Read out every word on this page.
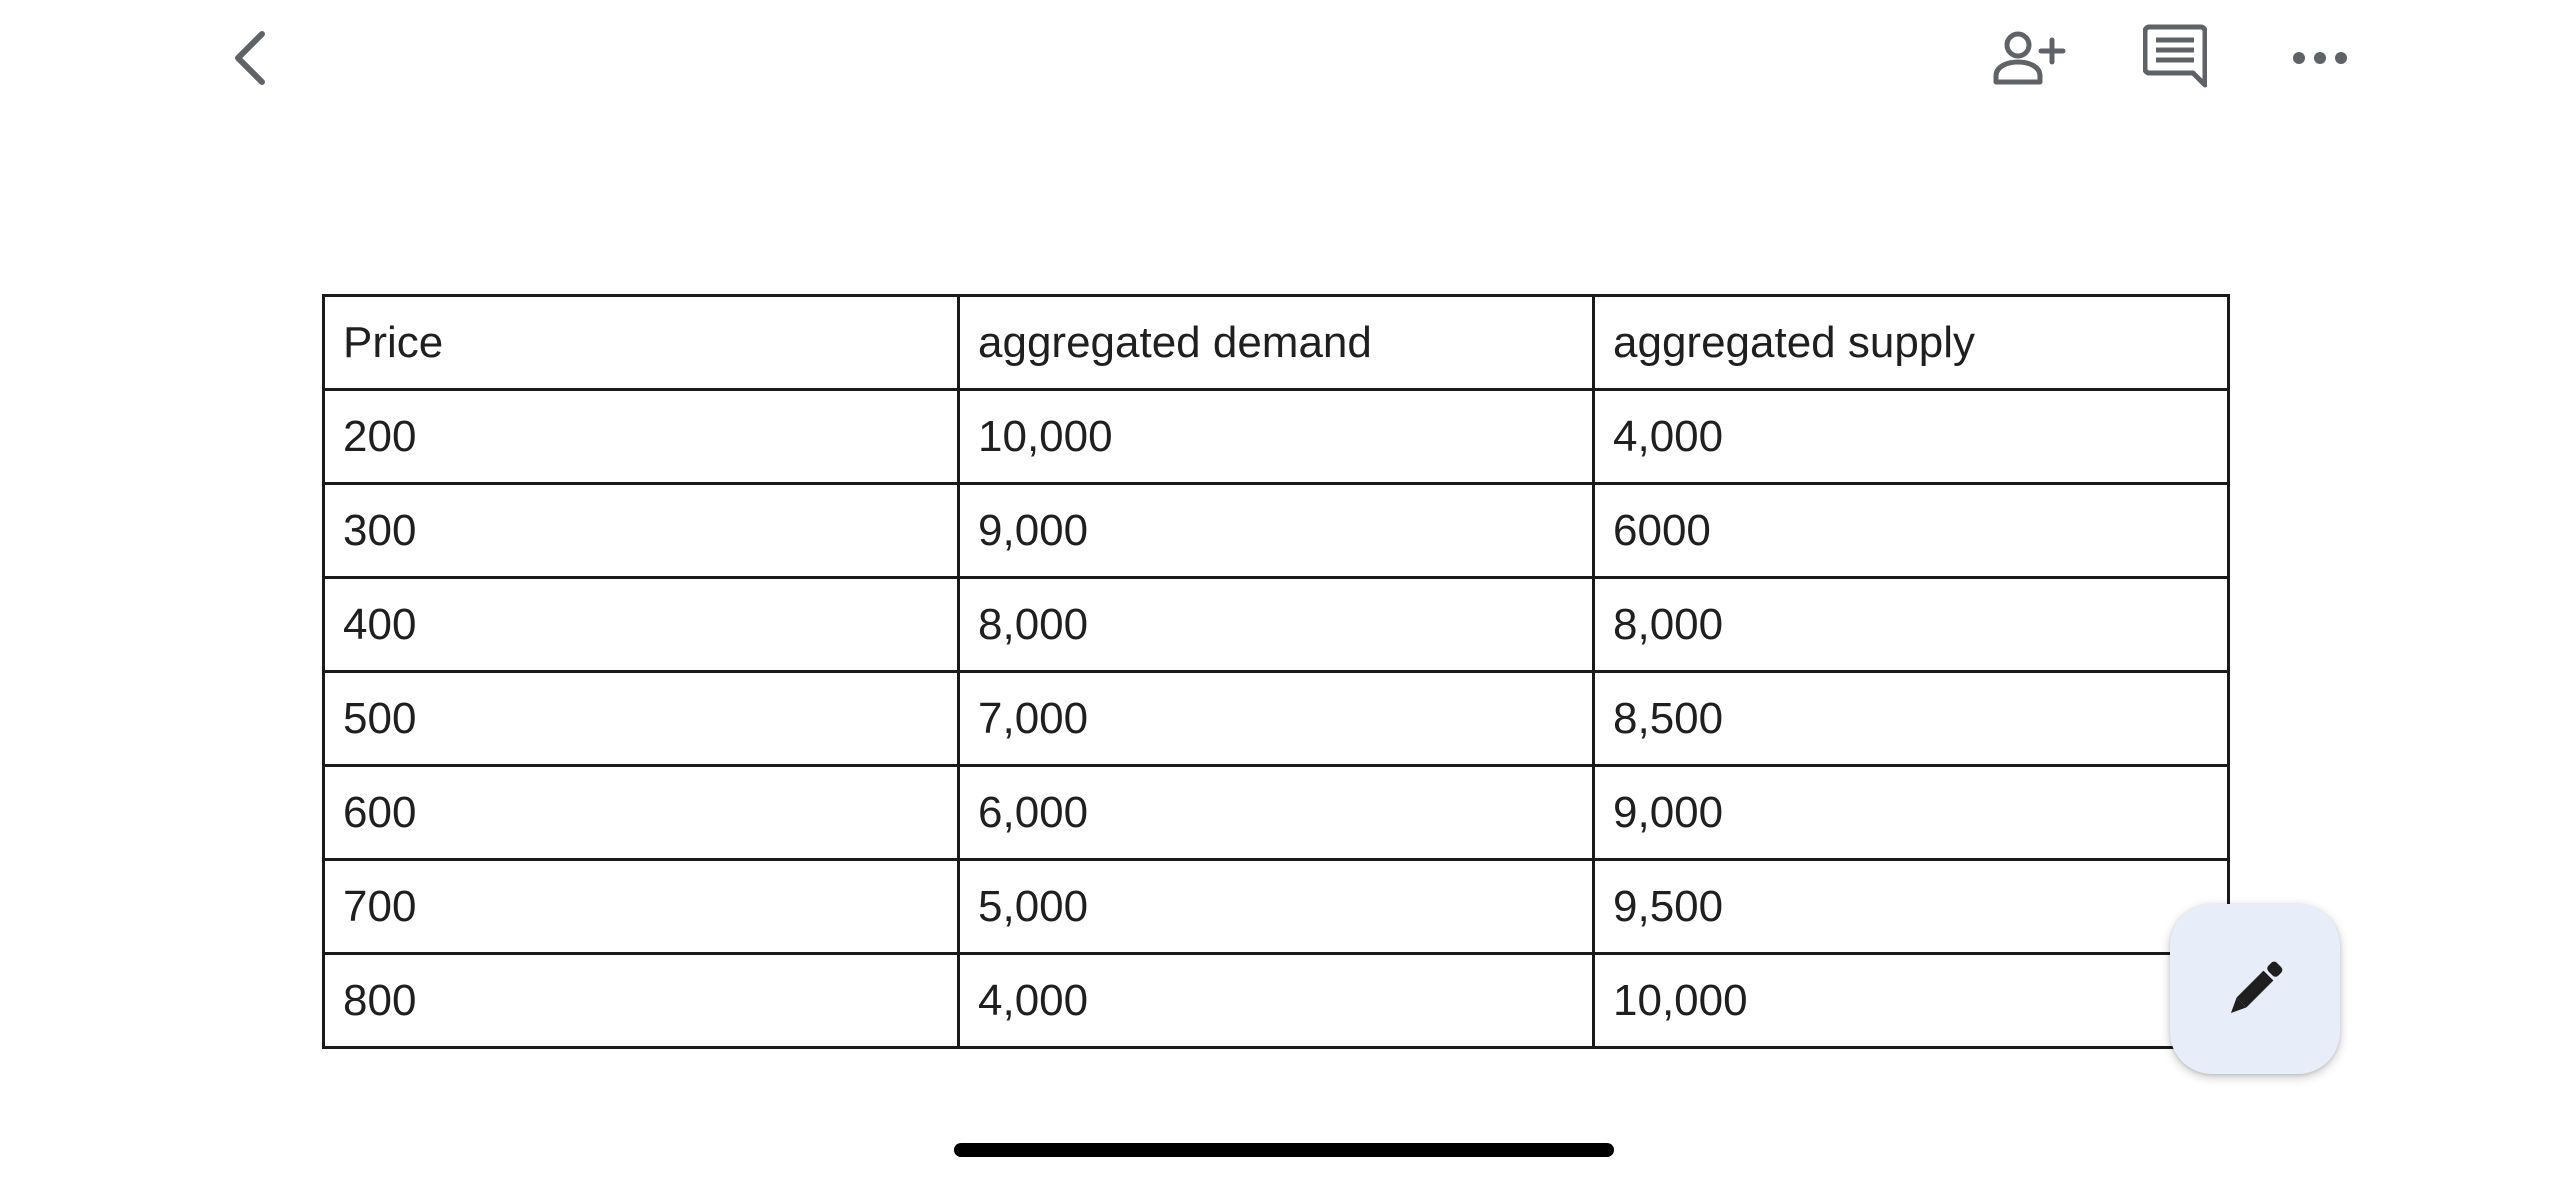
Price	aggregated demand	aggregated supply
200	10,000	4,000
300	9,000	6000
400	8,000	8,000
500	7,000	8,500
600	6,000	9,000
700	5,000	9,500
800	4,000	10,000
